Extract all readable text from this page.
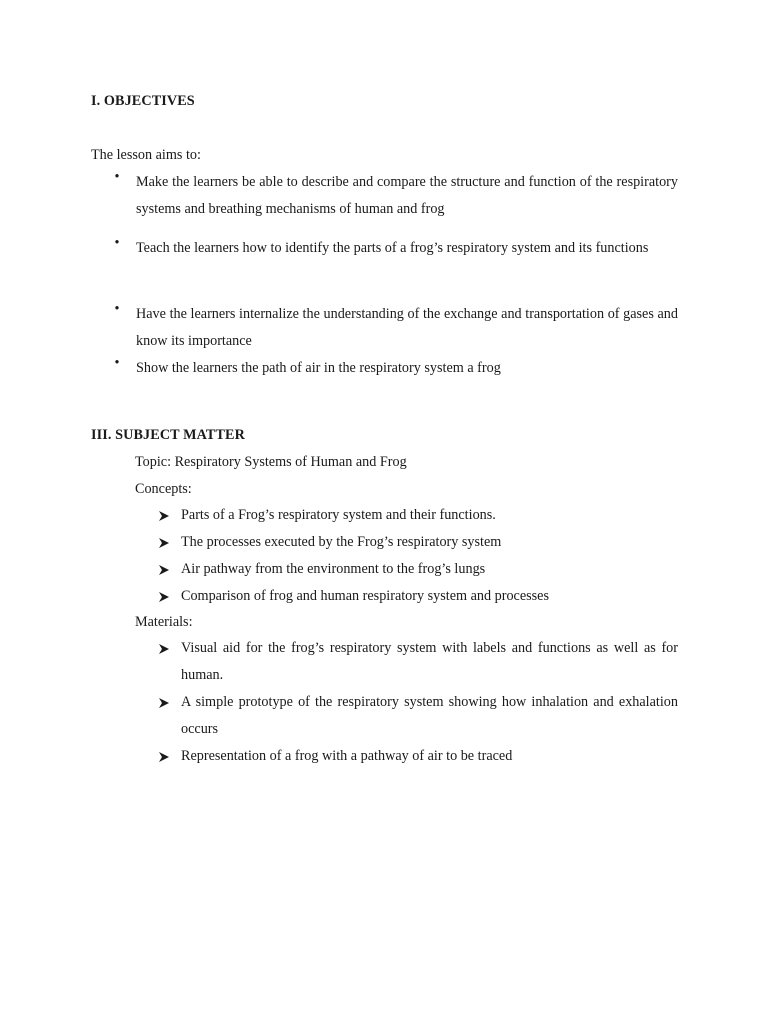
I. OBJECTIVES
The lesson aims to:
• Make the learners be able to describe and compare the structure and function of the respiratory systems and breathing mechanisms of human and frog
• Teach the learners how to identify the parts of a frog’s respiratory system and its functions
• Have the learners internalize the understanding of the exchange and transportation of gases and know its importance
• Show the learners the path of air in the respiratory system a frog
III. SUBJECT MATTER
Topic: Respiratory Systems of Human and Frog
Concepts:
Parts of a Frog’s respiratory system and their functions.
The processes executed by the Frog’s respiratory system
Air pathway from the environment to the frog’s lungs
Comparison of frog and human respiratory system and processes
Materials:
Visual aid for the frog’s respiratory system with labels and functions as well as for human.
A simple prototype of the respiratory system showing how inhalation and exhalation occurs
Representation of a frog with a pathway of air to be traced
